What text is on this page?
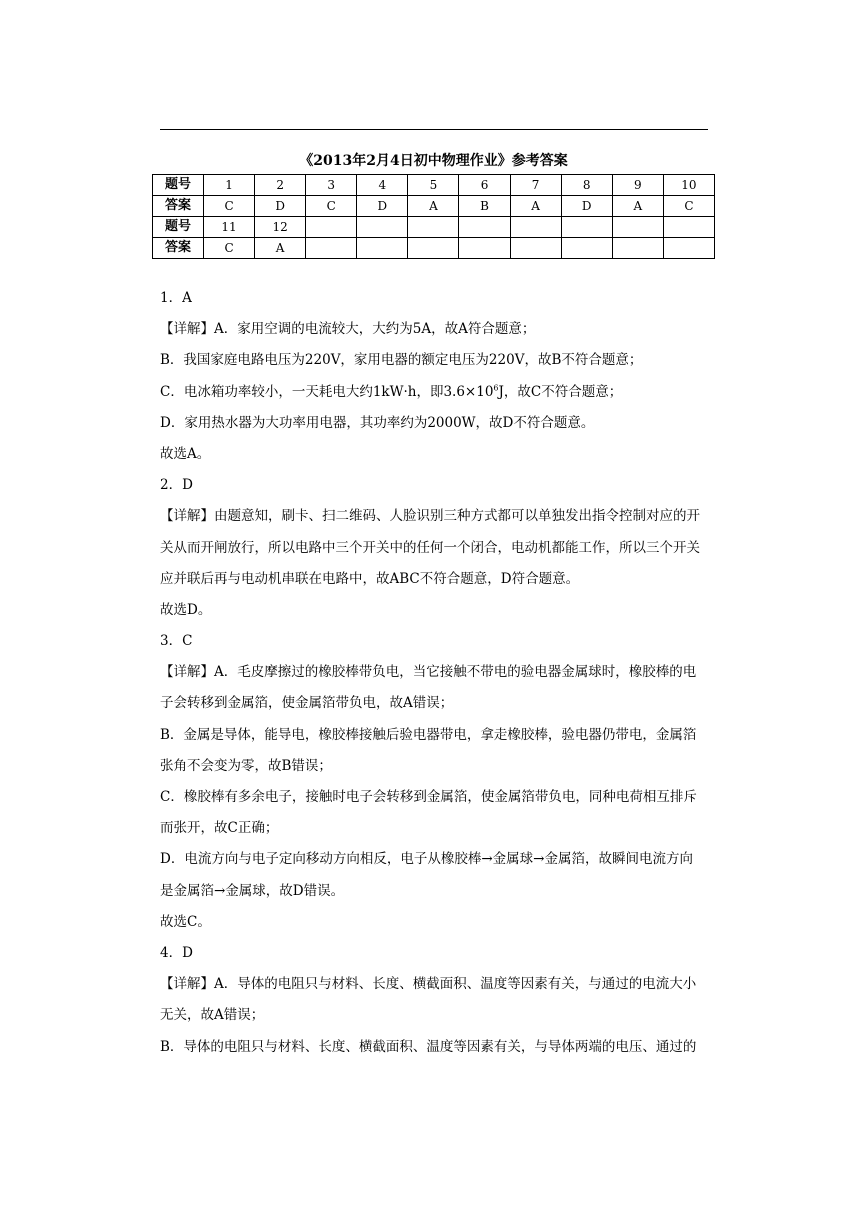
《2013年2月4日初中物理作业》参考答案
题号	1	2	3	4	5	6	7	8	9	10
答案	C	D	C	D	A	B	A	D	A	C
题号	11	12								
答案	C	A								
1．A
【详解】A．家用空调的电流较大，大约为5A，故A符合题意；
B．我国家庭电路电压为220V，家用电器的额定电压为220V，故B不符合题意；
C．电冰箱功率较小，一天耗电大约1kW·h，即$3.6\times 10^6J$，故C不符合题意；
D．家用热水器为大功率用电器，其功率约为2000W，故D不符合题意。
故选A。
2．D
【详解】由题意知，刷卡、扫二维码、人脸识别三种方式都可以单独发出指令控制对应的开
关从而开闸放行，所以电路中三个开关中的任何一个闭合，电动机都能工作，所以三个开关
应并联后再与电动机串联在电路中，故ABC不符合题意，D符合题意。
故选D。
3．C
【详解】A．毛皮摩擦过的橡胶棒带负电，当它接触不带电的验电器金属球时，橡胶棒的电
子会转移到金属箔，使金属箔带负电，故A错误；
B．金属是导体，能导电，橡胶棒接触后验电器带电，拿走橡胶棒，验电器仍带电，金属箔
张角不会变为零，故B错误；
C．橡胶棒有多余电子，接触时电子会转移到金属箔，使金属箔带负电，同种电荷相互排斥
而张开，故C正确；
D．电流方向与电子定向移动方向相反，电子从橡胶棒→金属球→金属箔，故瞬间电流方向
是金属箔→金属球，故D错误。
故选C。
4．D
【详解】A．导体的电阻只与材料、长度、横截面积、温度等因素有关，与通过的电流大小
无关，故A错误；
B．导体的电阻只与材料、长度、横截面积、温度等因素有关，与导体两端的电压、通过的
